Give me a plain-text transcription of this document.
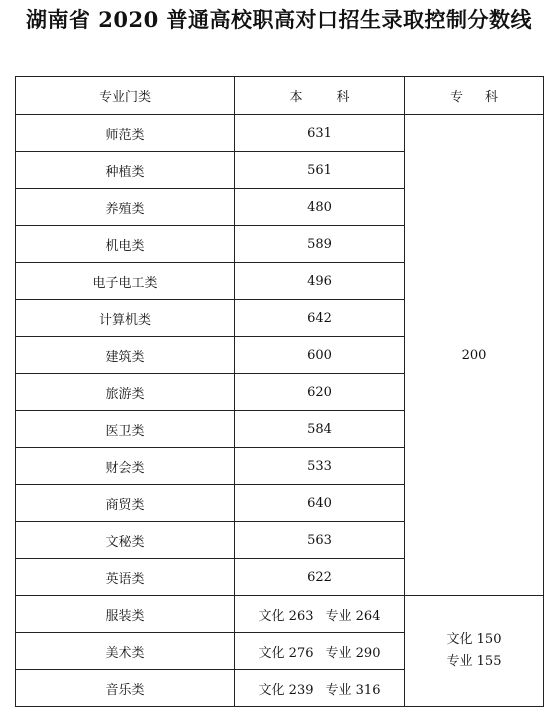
湖南省 2020 普通高校职高对口招生录取控制分数线
专业门类	本 科	专 科
师范类	631	200
种植类	561	
养殖类	480	
机电类	589	
电子电工类	496	
计算机类	642	
建筑类	600	
旅游类	620	
医卫类	584	
财会类	533	
商贸类	640	
文秘类	563	
英语类	622	
服装类	文化 263 专业 264	文化 150
专业 155

美术类	文化 276 专业 290	
音乐类	文化 239 专业 316	
